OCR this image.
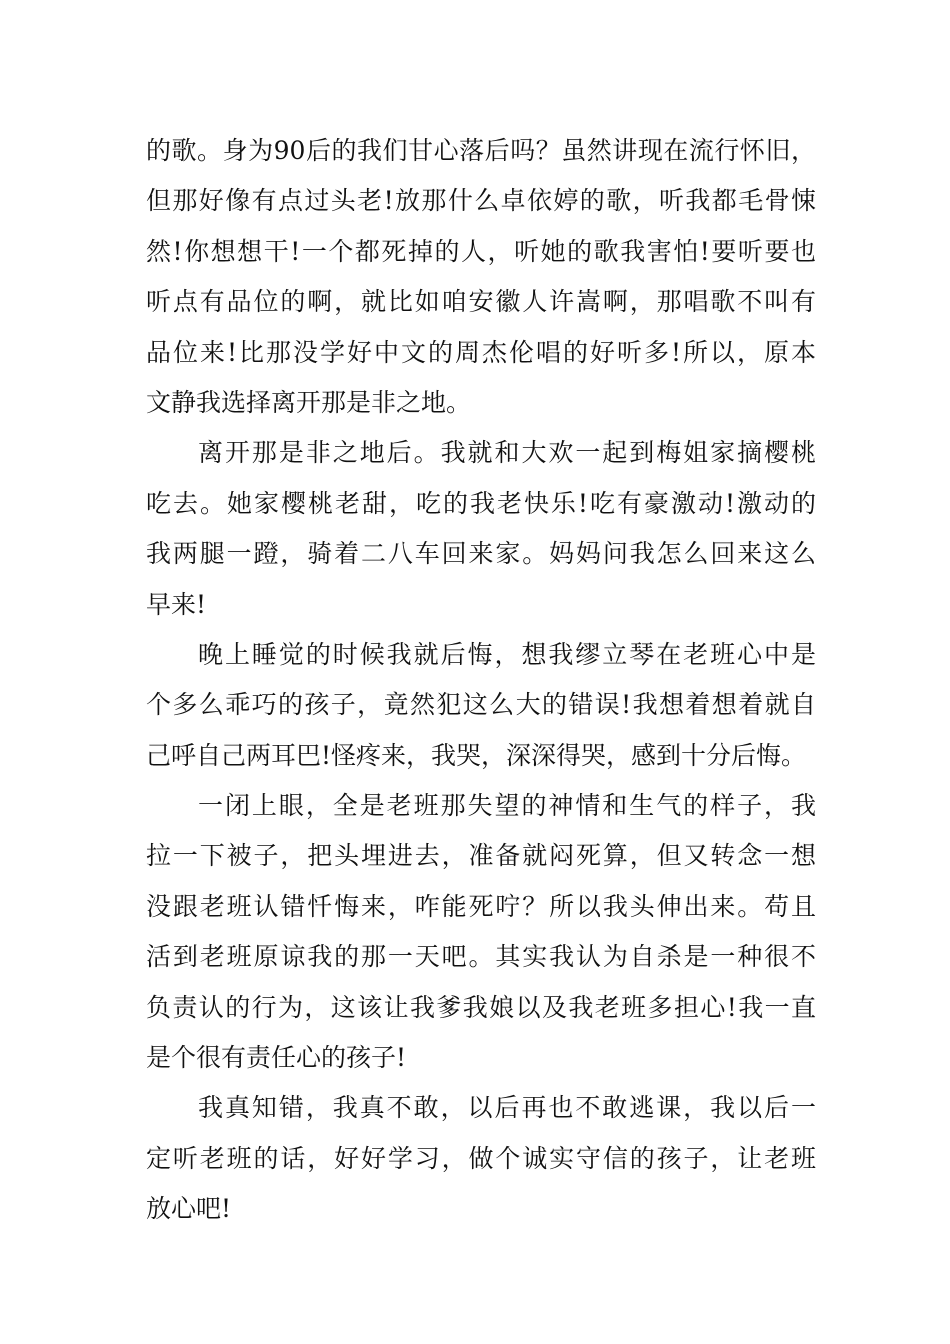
的歌。身为90后的我们甘心落后吗？虽然讲现在流行怀旧，
但那好像有点过头老!放那什么卓依婷的歌，听我都毛骨悚
然!你想想干!一个都死掉的人，听她的歌我害怕!要听要也
听点有品位的啊，就比如咱安徽人许嵩啊，那唱歌不叫有
品位来!比那没学好中文的周杰伦唱的好听多!所以，原本
文静我选择离开那是非之地。
离开那是非之地后。我就和大欢一起到梅姐家摘樱桃
吃去。她家樱桃老甜，吃的我老快乐!吃有豪激动!激动的
我两腿一蹬，骑着二八车回来家。妈妈问我怎么回来这么
早来!
晚上睡觉的时候我就后悔，想我缪立琴在老班心中是
个多么乖巧的孩子，竟然犯这么大的错误!我想着想着就自
己呼自己两耳巴!怪疼来，我哭，深深得哭，感到十分后悔。
一闭上眼，全是老班那失望的神情和生气的样子，我
拉一下被子，把头埋进去，准备就闷死算，但又转念一想
没跟老班认错忏悔来，咋能死咛？所以我头伸出来。苟且
活到老班原谅我的那一天吧。其实我认为自杀是一种很不
负责认的行为，这该让我爹我娘以及我老班多担心!我一直
是个很有责任心的孩子!
我真知错，我真不敢，以后再也不敢逃课，我以后一
定听老班的话，好好学习，做个诚实守信的孩子，让老班
放心吧!
